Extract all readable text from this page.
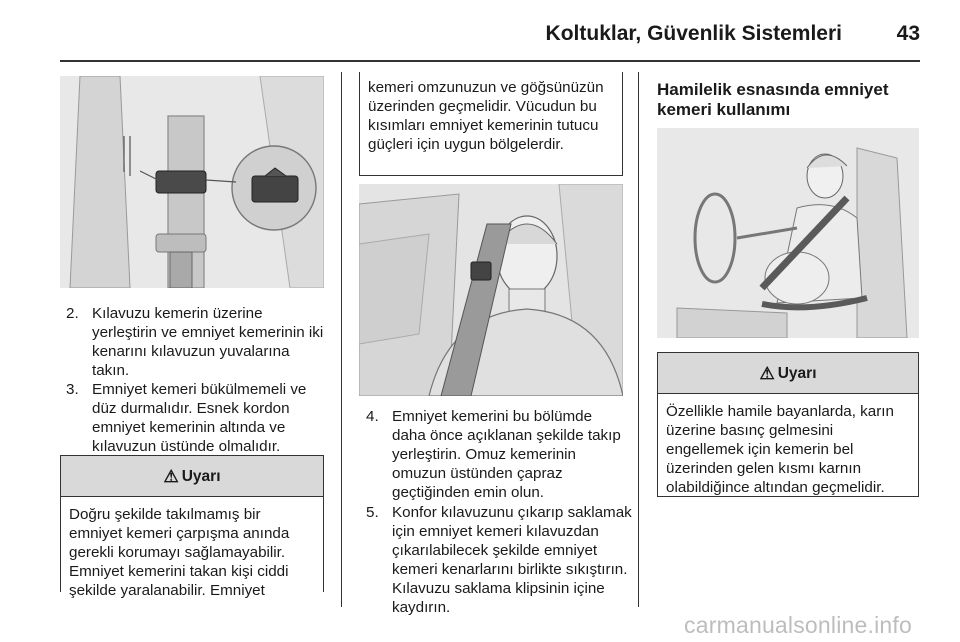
Koltuklar, Güvenlik Sistemleri	43
2. Kılavuzu kemerin üzerine yerleştirin ve emniyet kemerinin iki kenarını kılavuzun yuvalarına takın.
3. Emniyet kemeri bükülmemeli ve düz durmalıdır. Esnek kordon emniyet kemerinin altında ve kılavuzun üstünde olmalıdır.
⚠ Uyarı
Doğru şekilde takılmamış bir emniyet kemeri çarpışma anında gerekli korumayı sağlamayabilir. Emniyet kemerini takan kişi ciddi şekilde yaralanabilir. Emniyet
kemeri omzunuzun ve göğsünüzün üzerinden geçmelidir. Vücudun bu kısımları emniyet kemerinin tutucu güçleri için uygun bölgelerdir.
4. Emniyet kemerini bu bölümde daha önce açıklanan şekilde takıp yerleştirin. Omuz kemerinin omuzun üstünden çapraz geçtiğinden emin olun.
5. Konfor kılavuzunu çıkarıp saklamak için emniyet kemeri kılavuzdan çıkarılabilecek şekilde emniyet kemeri kenarlarını birlikte sıkıştırın. Kılavuzu saklama klipsinin içine kaydırın.
Hamilelik esnasında emniyet kemeri kullanımı
⚠ Uyarı
Özellikle hamile bayanlarda, karın üzerine basınç gelmesini engellemek için kemerin bel üzerinden gelen kısmı karnın olabildiğince altından geçmelidir.
carmanualsonline.info
